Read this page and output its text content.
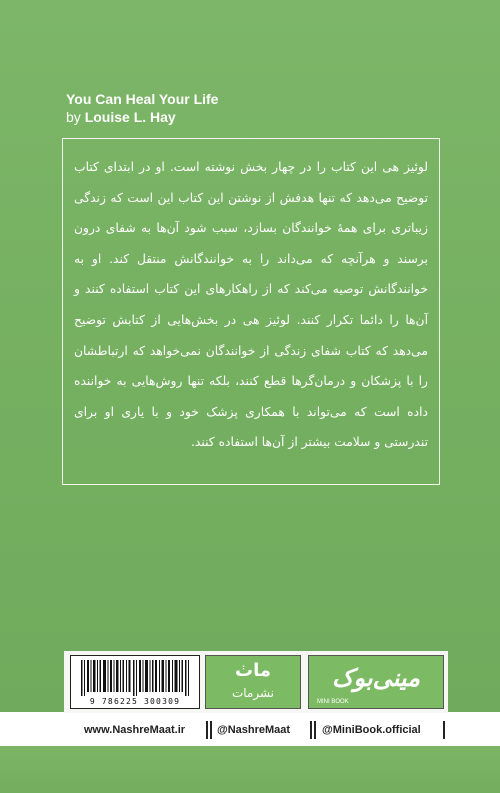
You Can Heal Your Life
by Louise L. Hay
لوئیز هی این کتاب را در چهار بخش نوشته است. او در ابتدای کتاب توضیح می‌دهد که تنها هدفش از نوشتن این کتاب این است که زندگی زیباتری برای همهٔ خوانندگان بسازد، سبب شود آن‌ها به شفای درون برسند و هرآنچه که می‌داند را به خوانندگانش منتقل کند. او به خوانندگانش توصیه می‌کند که از راهکارهای این کتاب استفاده کنند و آن‌ها را دائما تکرار کنند. لوئیز هی در بخش‌هایی از کتابش توضیح می‌دهد که کتاب شفای زندگی از خوانندگان نمی‌خواهد که ارتباطشان را با پزشکان و درمان‌گرها قطع کنند، بلکه تنها روش‌هایی به خواننده داده است که می‌تواند با همکاری پزشک خود و با یاری او برای تندرستی و سلامت بیشتر از آن‌ها استفاده کنند.
9 786225 300309
ماٺ
نشرمات
مینی‌بوک
MINI BOOK
www.NashreMaat.ir	@NashreMaat	@MiniBook.official
